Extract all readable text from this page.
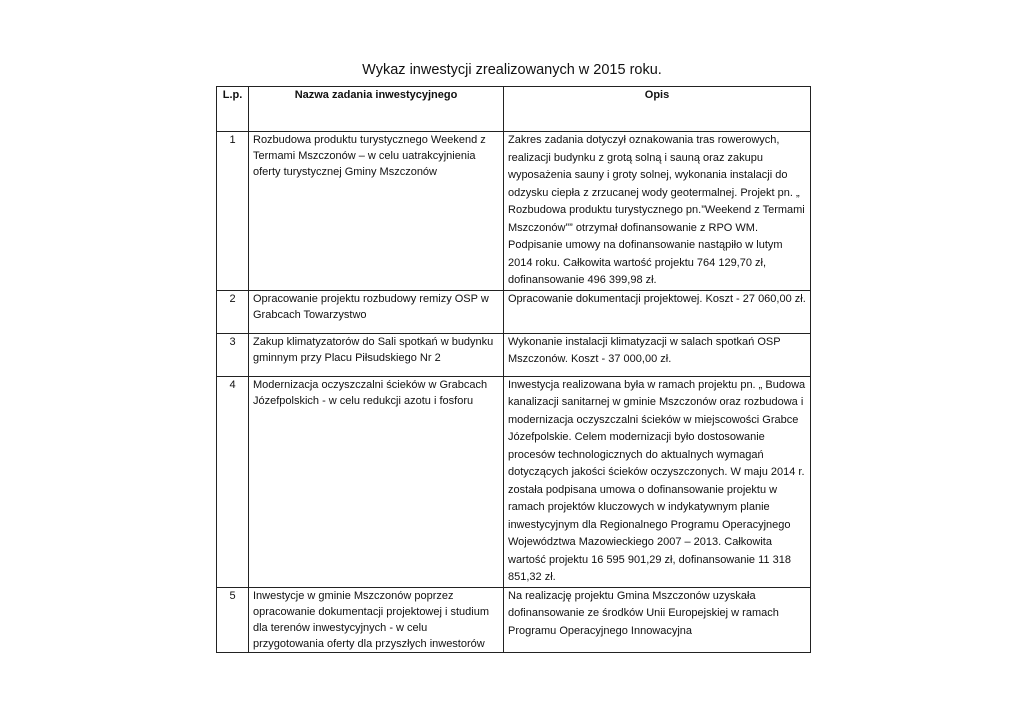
Wykaz inwestycji zrealizowanych w 2015 roku.
L.p.	Nazwa zadania inwestycyjnego	Opis
1	Rozbudowa produktu turystycznego Weekend z Termami Mszczonów – w celu uatrakcyjnienia oferty turystycznej Gminy Mszczonów	Zakres zadania dotyczył oznakowania tras rowerowych, realizacji budynku z grotą solną i sauną oraz zakupu wyposażenia sauny i groty solnej, wykonania instalacji do odzysku ciepła z zrzucanej wody geotermalnej. Projekt pn. „ Rozbudowa produktu turystycznego pn.”Weekend z Termami Mszczonów”” otrzymał dofinansowanie z RPO WM. Podpisanie umowy na dofinansowanie nastąpiło w lutym 2014 roku. Całkowita wartość projektu 764 129,70 zł, dofinansowanie 496 399,98 zł.
2	Opracowanie projektu rozbudowy remizy OSP w Grabcach Towarzystwo	Opracowanie dokumentacji projektowej. Koszt - 27 060,00 zł.
3	Zakup klimatyzatorów do Sali spotkań w budynku gminnym przy Placu Piłsudskiego Nr 2	Wykonanie instalacji klimatyzacji w salach spotkań OSP Mszczonów. Koszt - 37 000,00 zł.
4	Modernizacja oczyszczalni ścieków w Grabcach Józefpolskich - w celu redukcji azotu i fosforu	Inwestycja realizowana była w ramach projektu pn. „ Budowa kanalizacji sanitarnej w gminie Mszczonów oraz rozbudowa i modernizacja oczyszczalni ścieków w miejscowości Grabce Józefpolskie. Celem modernizacji było dostosowanie procesów technologicznych do aktualnych wymagań dotyczących jakości ścieków oczyszczonych. W maju 2014 r. została podpisana umowa o dofinansowanie projektu w ramach projektów kluczowych w indykatywnym planie inwestycyjnym dla Regionalnego Programu Operacyjnego Województwa Mazowieckiego 2007 – 2013. Całkowita wartość projektu 16 595 901,29 zł, dofinansowanie 11 318 851,32 zł.
5	Inwestycje w gminie Mszczonów poprzez opracowanie dokumentacji projektowej i studium dla terenów inwestycyjnych - w celu przygotowania oferty dla przyszłych inwestorów	Na realizację projektu Gmina Mszczonów uzyskała dofinansowanie ze środków Unii Europejskiej w ramach Programu Operacyjnego Innowacyjna
